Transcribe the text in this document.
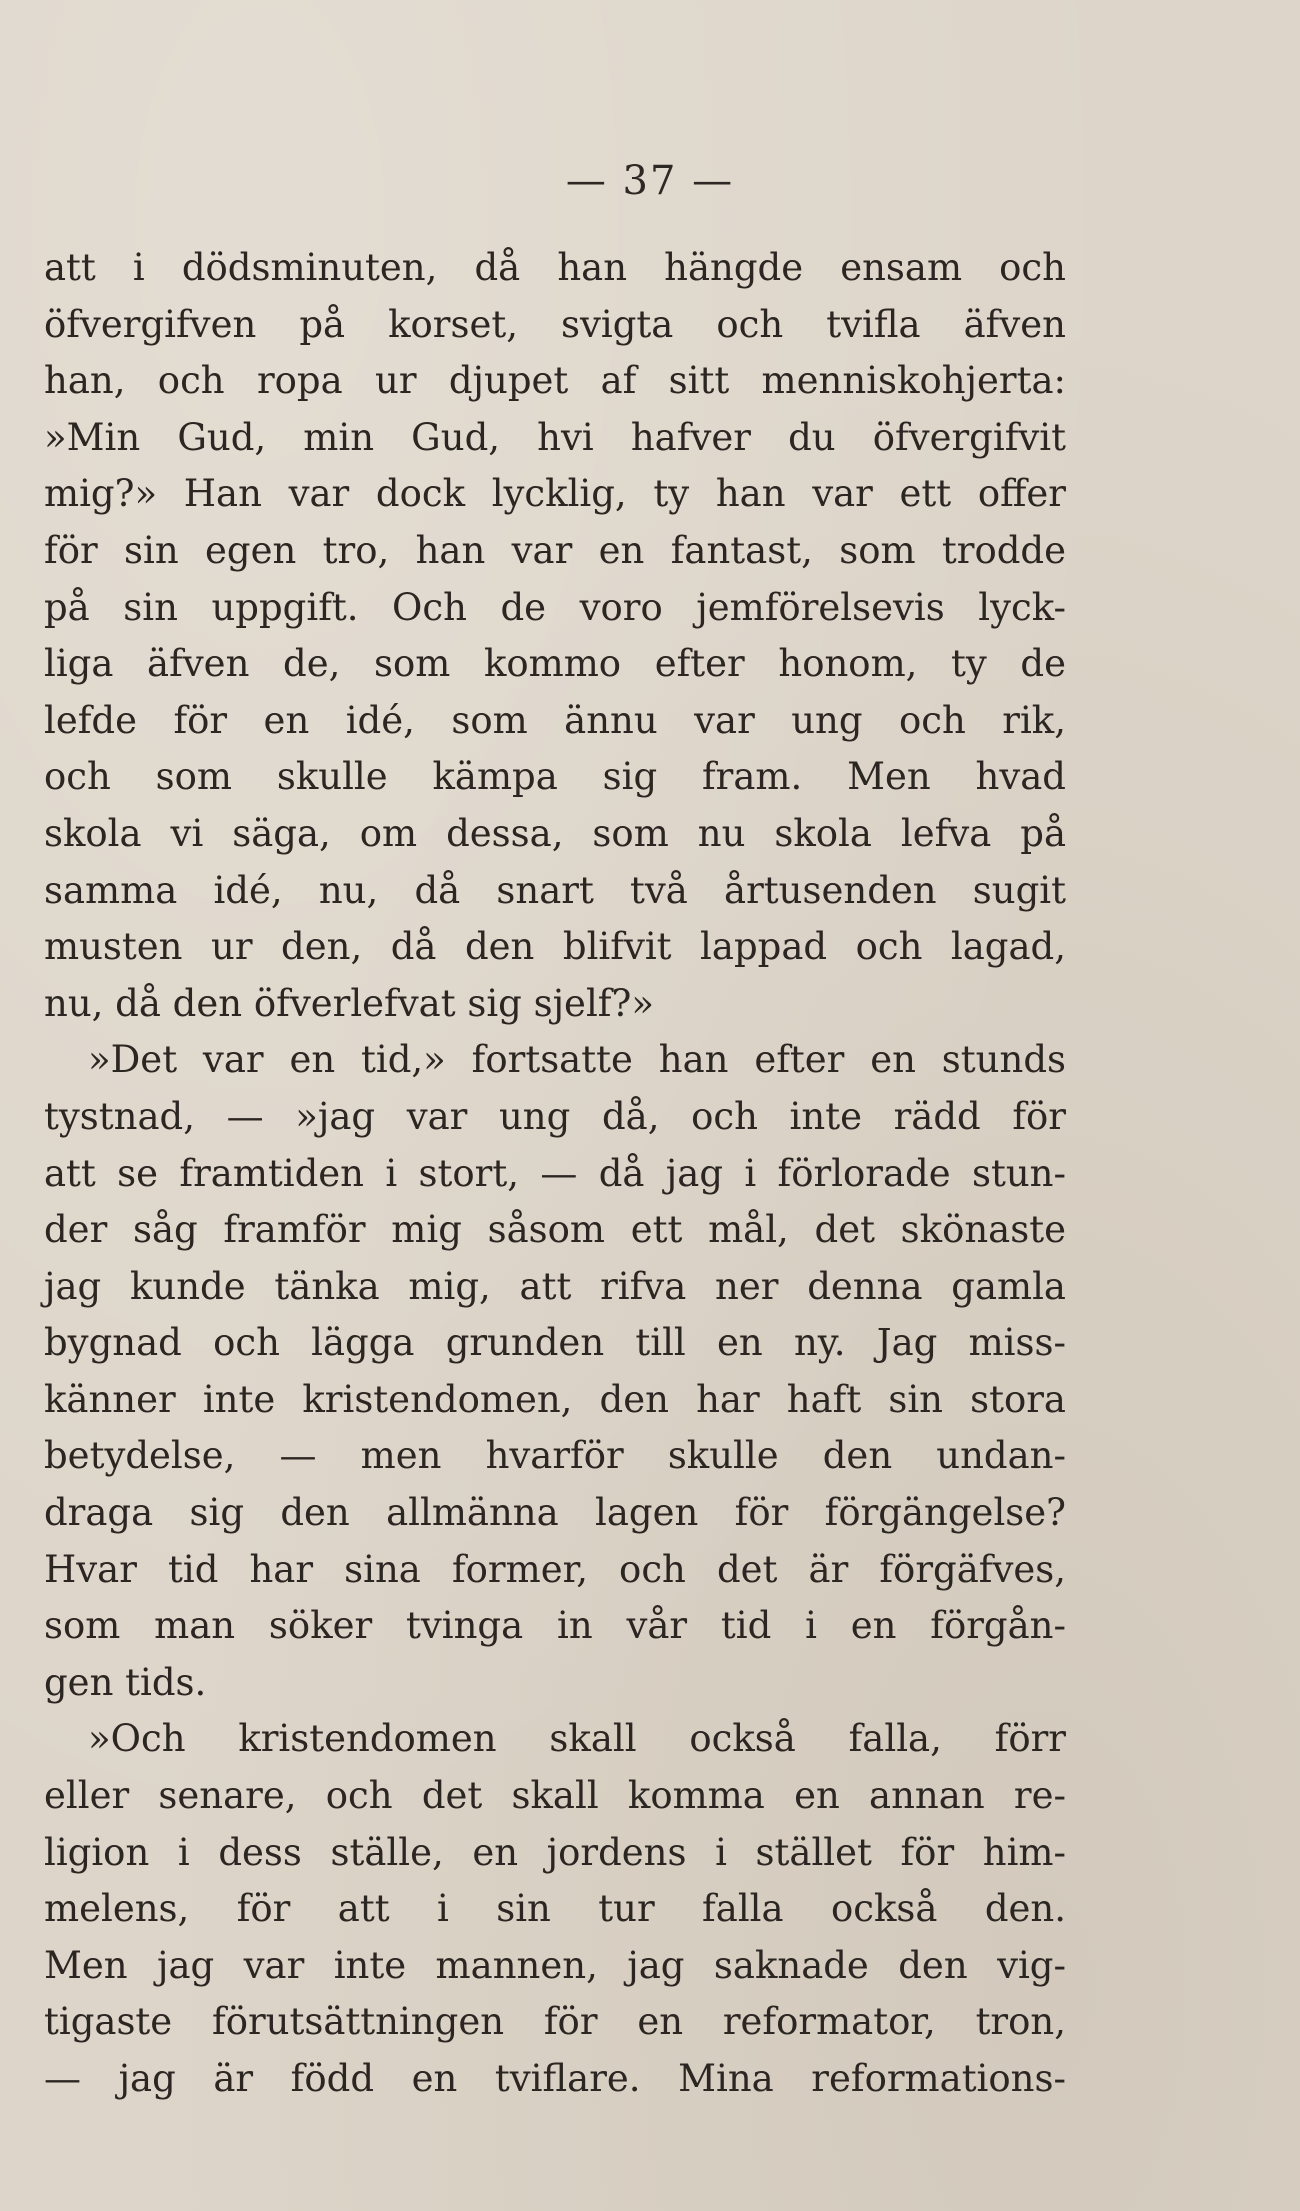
— 37 —
att i dödsminuten, då han hängde ensam och
öfvergifven på korset, svigta och tvifla äfven
han, och ropa ur djupet af sitt menniskohjerta:
»Min Gud, min Gud, hvi hafver du öfvergifvit
mig?» Han var dock lycklig, ty han var ett offer
för sin egen tro, han var en fantast, som trodde
på sin uppgift. Och de voro jemförelsevis lyck-
liga äfven de, som kommo efter honom, ty de
lefde för en idé, som ännu var ung och rik,
och som skulle kämpa sig fram. Men hvad
skola vi säga, om dessa, som nu skola lefva på
samma idé, nu, då snart två årtusenden sugit
musten ur den, då den blifvit lappad och lagad,
nu, då den öfverlefvat sig sjelf?»
»Det var en tid,» fortsatte han efter en stunds
tystnad, — »jag var ung då, och inte rädd för
att se framtiden i stort, — då jag i förlorade stun-
der såg framför mig såsom ett mål, det skönaste
jag kunde tänka mig, att rifva ner denna gamla
bygnad och lägga grunden till en ny. Jag miss-
känner inte kristendomen, den har haft sin stora
betydelse, — men hvarför skulle den undan-
draga sig den allmänna lagen för förgängelse?
Hvar tid har sina former, och det är förgäfves,
som man söker tvinga in vår tid i en förgån-
gen tids.
»Och kristendomen skall också falla, förr
eller senare, och det skall komma en annan re-
ligion i dess ställe, en jordens i stället för him-
melens, för att i sin tur falla också den.
Men jag var inte mannen, jag saknade den vig-
tigaste förutsättningen för en reformator, tron,
— jag är född en tviflare. Mina reformations-
